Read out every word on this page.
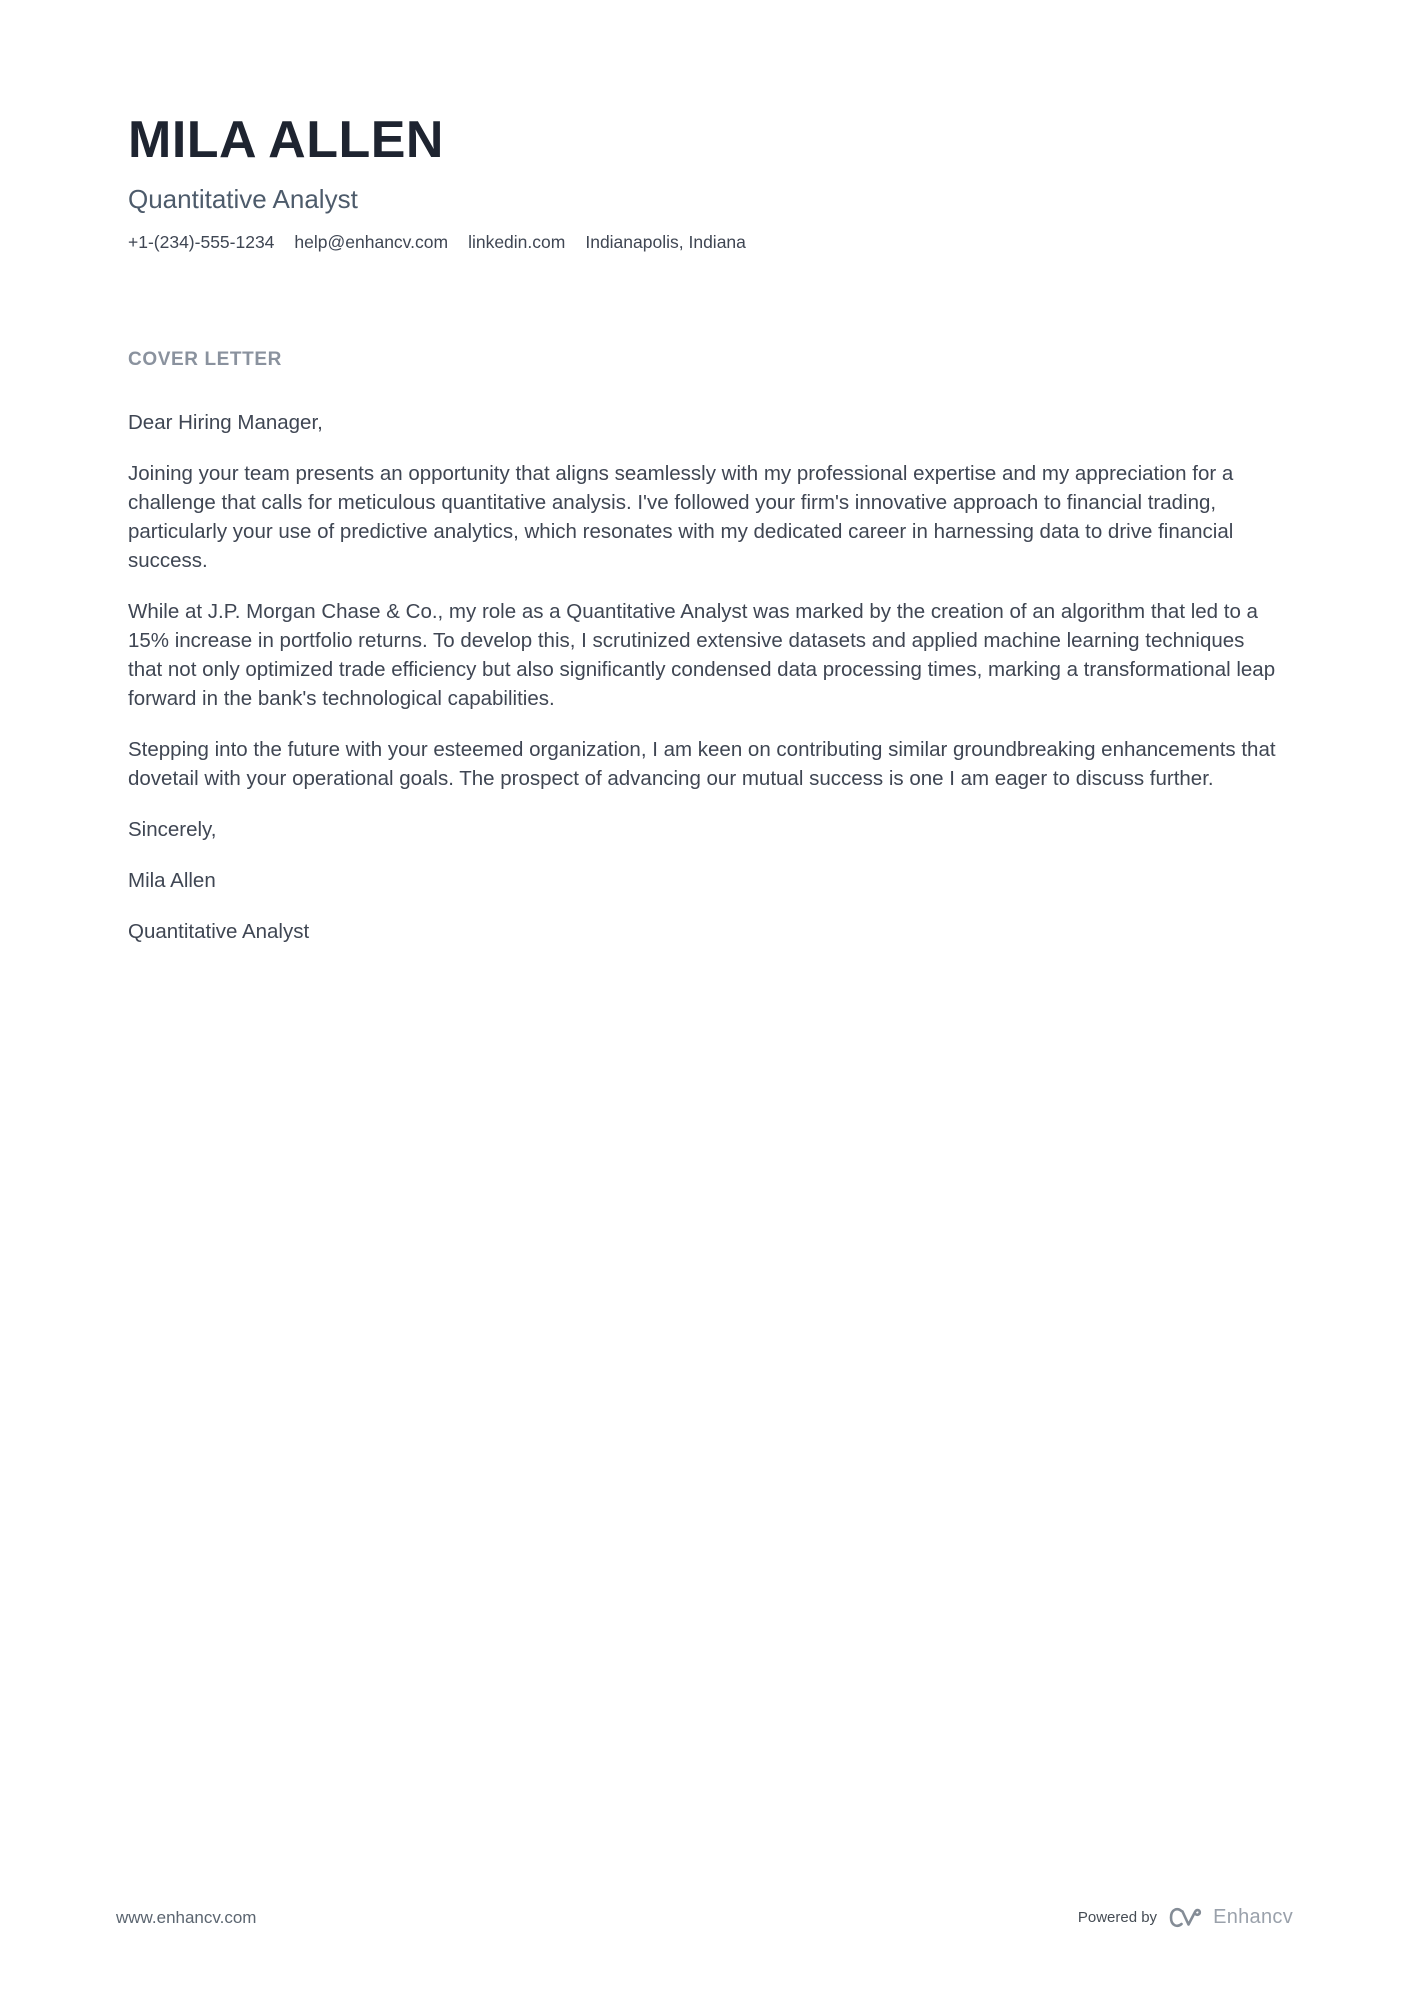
MILA ALLEN
Quantitative Analyst
+1-(234)-555-1234 help@enhancv.com linkedin.com Indianapolis, Indiana
COVER LETTER

Dear Hiring Manager,

Joining your team presents an opportunity that aligns seamlessly with my professional expertise and my appreciation for a challenge that calls for meticulous quantitative analysis. I've followed your firm's innovative approach to financial trading, particularly your use of predictive analytics, which resonates with my dedicated career in harnessing data to drive financial success.

While at J.P. Morgan Chase & Co., my role as a Quantitative Analyst was marked by the creation of an algorithm that led to a 15% increase in portfolio returns. To develop this, I scrutinized extensive datasets and applied machine learning techniques that not only optimized trade efficiency but also significantly condensed data processing times, marking a transformational leap forward in the bank's technological capabilities.

Stepping into the future with your esteemed organization, I am keen on contributing similar groundbreaking enhancements that dovetail with your operational goals. The prospect of advancing our mutual success is one I am eager to discuss further.

Sincerely,

Mila Allen

Quantitative Analyst

www.enhancv.com	Powered by	Enhancv
